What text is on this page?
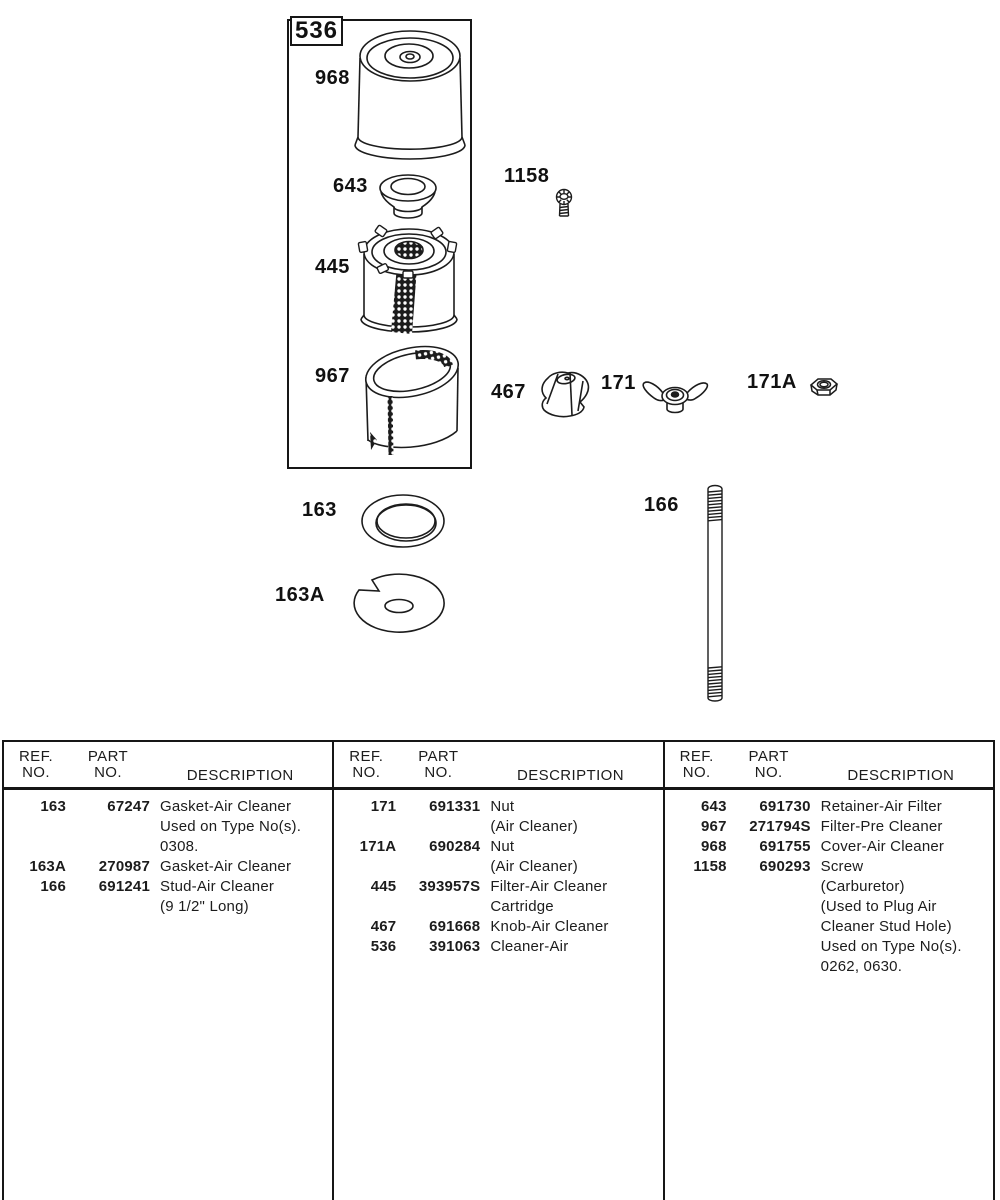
536
968
643
445
967
1158
467	171	171A
163
163A
166
REF.
NO.
PART
NO.	DESCRIPTION
163	67247 Gasket-Air Cleaner
Used on Type No(s).
0308.
163A	270987 Gasket-Air Cleaner
166	691241 Stud-Air Cleaner
(9 1/2" Long)
REF.
NO.
PART
NO.	DESCRIPTION
171	691331 Nut
(Air Cleaner)
171A	690284 Nut
(Air Cleaner)
445	393957S Filter-Air Cleaner
Cartridge
467	691668 Knob-Air Cleaner
536	391063 Cleaner-Air
REF.
NO.
PART
NO.	DESCRIPTION
643	691730 Retainer-Air Filter
967	271794S Filter-Pre Cleaner
968	691755 Cover-Air Cleaner
1158	690293 Screw
(Carburetor)
(Used to Plug Air
Cleaner Stud Hole)
Used on Type No(s).
0262, 0630.
